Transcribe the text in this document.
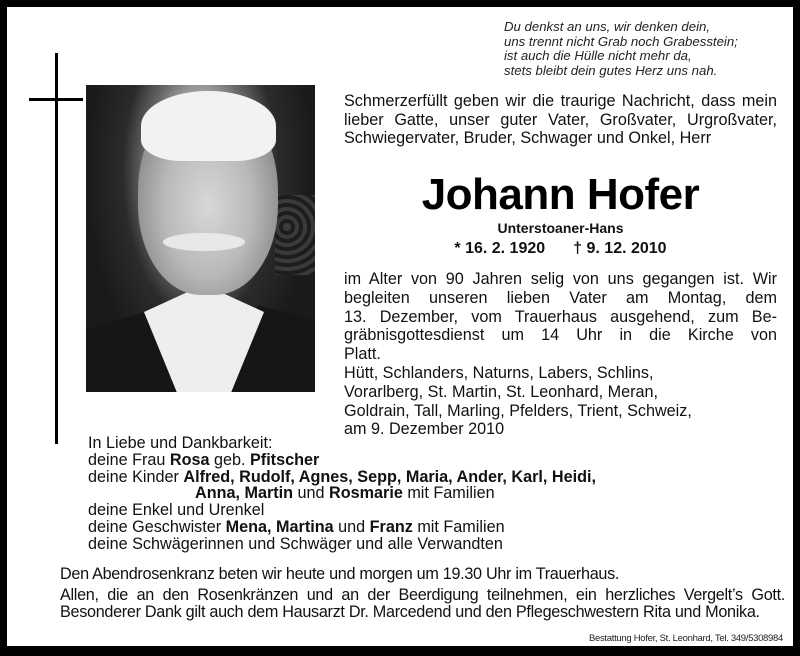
Du denkst an uns, wir denken dein,
uns trennt nicht Grab noch Grabesstein;
ist auch die Hülle nicht mehr da,
stets bleibt dein gutes Herz uns nah.
Schmerzerfüllt geben wir die traurige Nachricht, dass mein lieber Gatte, unser guter Vater, Großvater, Urgroßvater, Schwiegervater, Bruder, Schwager und Onkel, Herr
Johann Hofer
Unterstoaner-Hans
* 16. 2. 1920 † 9. 12. 2010
im Alter von 90 Jahren selig von uns gegangen ist. Wir
begleiten unseren lieben Vater am Montag, dem
13. Dezember, vom Trauerhaus ausgehend, zum Be-
gräbnisgottesdienst um 14 Uhr in die Kirche von
Platt.
Hütt, Schlanders, Naturns, Labers, Schlins,
Vorarlberg, St. Martin, St. Leonhard, Meran,
Goldrain, Tall, Marling, Pfelders, Trient, Schweiz,
am 9. Dezember 2010
In Liebe und Dankbarkeit:
deine Frau Rosa geb. Pfitscher
deine Kinder Alfred, Rudolf, Agnes, Sepp, Maria, Ander, Karl, Heidi,
Anna, Martin und Rosmarie mit Familien
deine Enkel und Urenkel
deine Geschwister Mena, Martina und Franz mit Familien
deine Schwägerinnen und Schwäger und alle Verwandten
Den Abendrosenkranz beten wir heute und morgen um 19.30 Uhr im Trauerhaus.
Allen, die an den Rosenkränzen und an der Beerdigung teilnehmen, ein herzliches Vergelt’s Gott. Besonderer Dank gilt auch dem Hausarzt Dr. Marcedend und den Pflegeschwestern Rita und Monika.
Bestattung Hofer, St. Leonhard, Tel. 349/5308984
